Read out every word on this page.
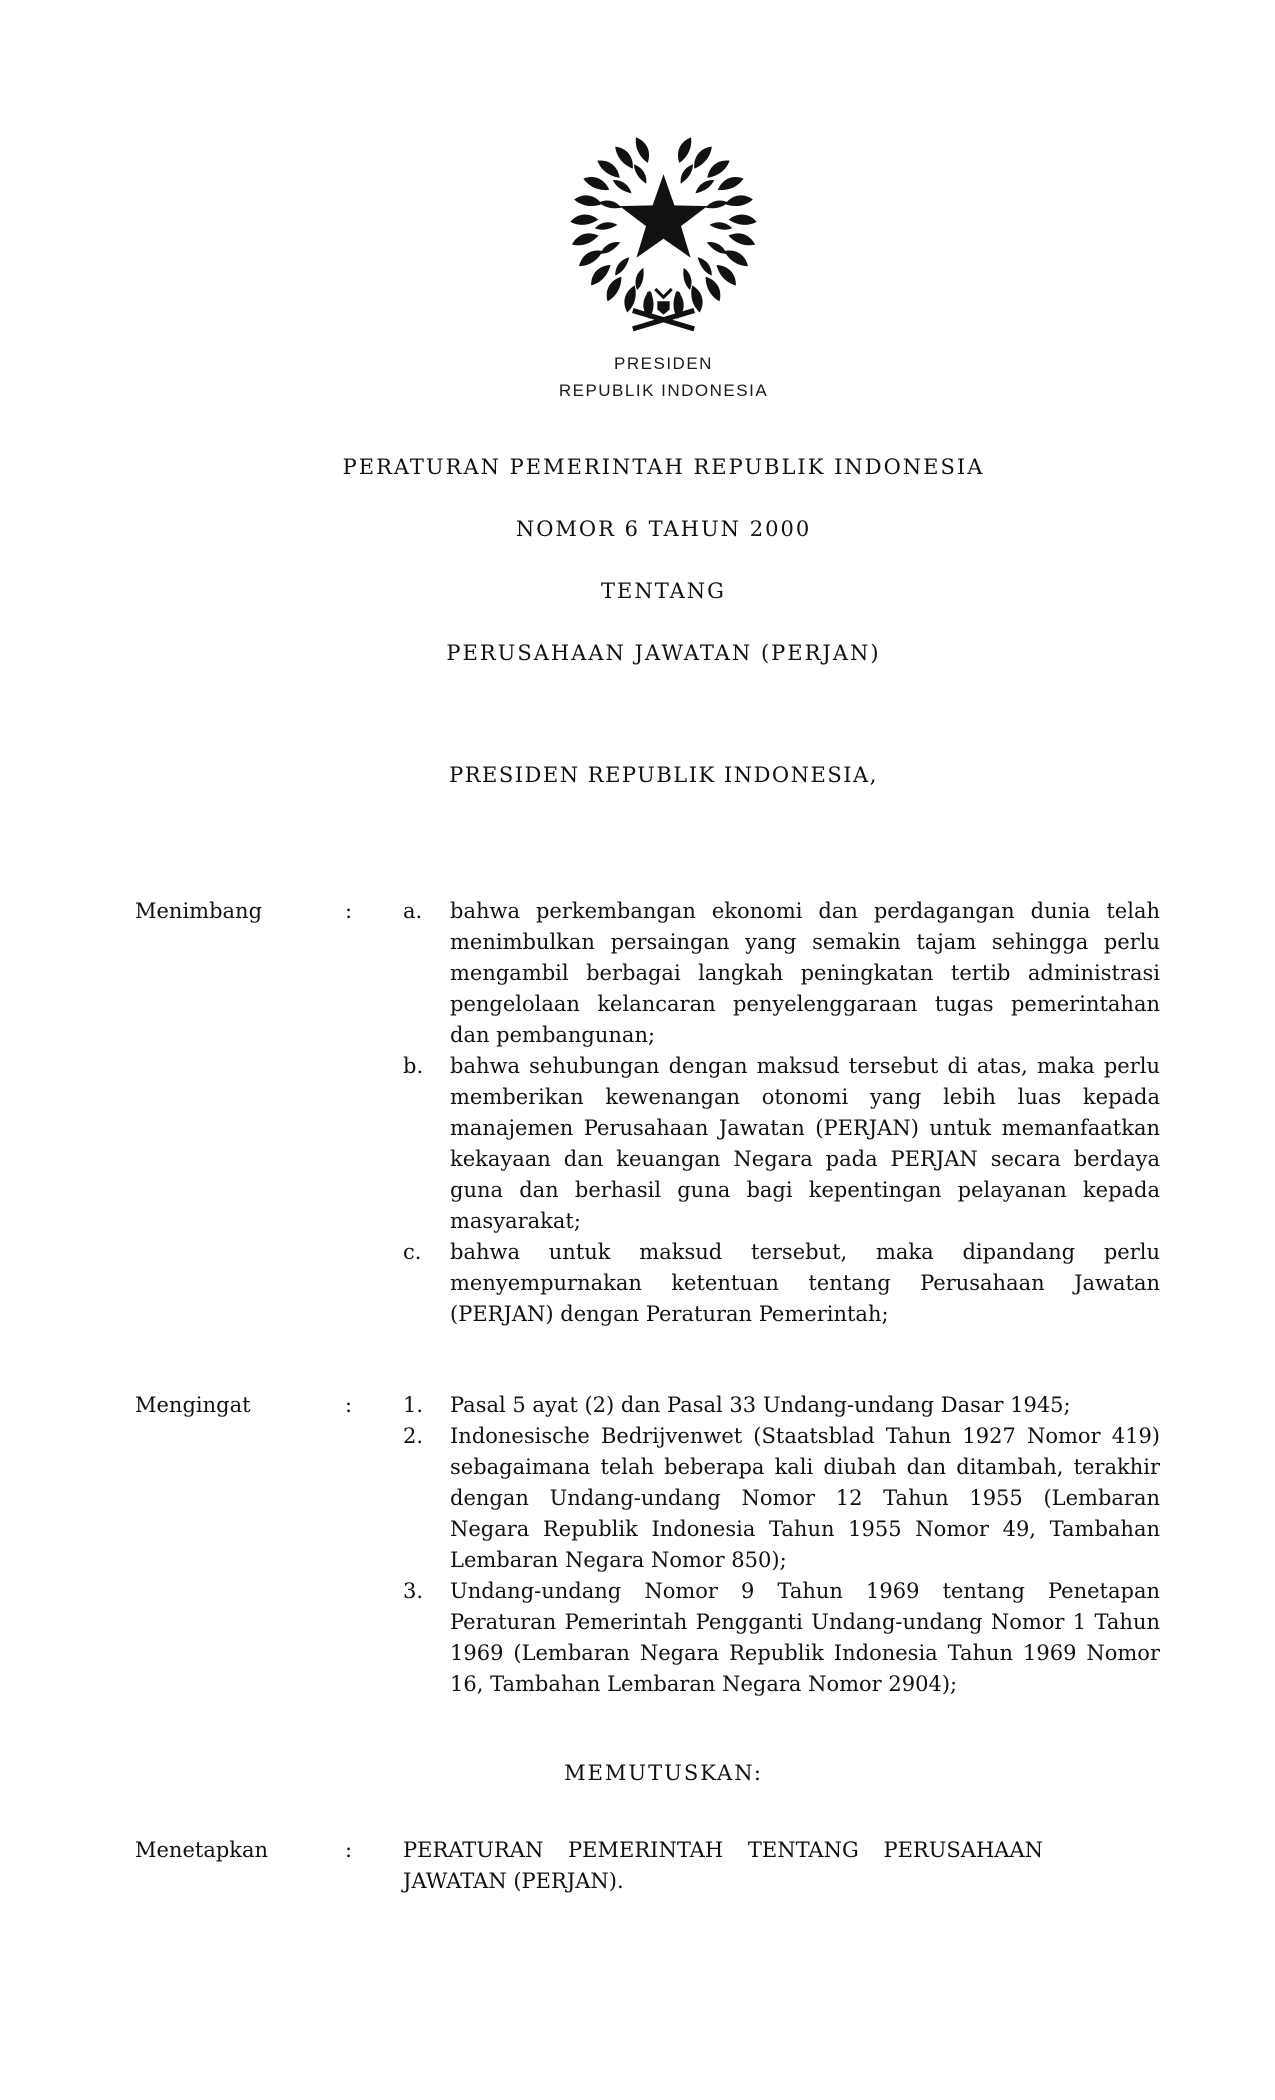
PRESIDEN
REPUBLIK INDONESIA
PERATURAN PEMERINTAH REPUBLIK INDONESIA
NOMOR 6 TAHUN 2000
TENTANG
PERUSAHAAN JAWATAN (PERJAN)
PRESIDEN REPUBLIK INDONESIA,
Menimbang	:	a.	bahwa perkembangan ekonomi dan perdagangan dunia telah menimbulkan persaingan yang semakin tajam sehingga perlu mengambil berbagai langkah peningkatan tertib administrasi pengelolaan kelancaran penyelenggaraan tugas pemerintahan dan pembangunan;
b.	bahwa sehubungan dengan maksud tersebut di atas, maka perlu memberikan kewenangan otonomi yang lebih luas kepada manajemen Perusahaan Jawatan (PERJAN) untuk memanfaatkan kekayaan dan keuangan Negara pada PERJAN secara berdaya guna dan berhasil guna bagi kepentingan pelayanan kepada masyarakat;
c.	bahwa untuk maksud tersebut, maka dipandang perlu menyempurnakan ketentuan tentang Perusahaan Jawatan (PERJAN) dengan Peraturan Pemerintah;
Mengingat	:	1.	Pasal 5 ayat (2) dan Pasal 33 Undang-undang Dasar 1945;
2.	Indonesische Bedrijvenwet (Staatsblad Tahun 1927 Nomor 419) sebagaimana telah beberapa kali diubah dan ditambah, terakhir dengan Undang-undang Nomor 12 Tahun 1955 (Lembaran Negara Republik Indonesia Tahun 1955 Nomor 49, Tambahan Lembaran Negara Nomor 850);
3.	Undang-undang Nomor 9 Tahun 1969 tentang Penetapan Peraturan Pemerintah Pengganti Undang-undang Nomor 1 Tahun 1969 (Lembaran Negara Republik Indonesia Tahun 1969 Nomor 16, Tambahan Lembaran Negara Nomor 2904);
MEMUTUSKAN:
Menetapkan	:	PERATURAN PEMERINTAH TENTANG PERUSAHAAN JAWATAN (PERJAN).
